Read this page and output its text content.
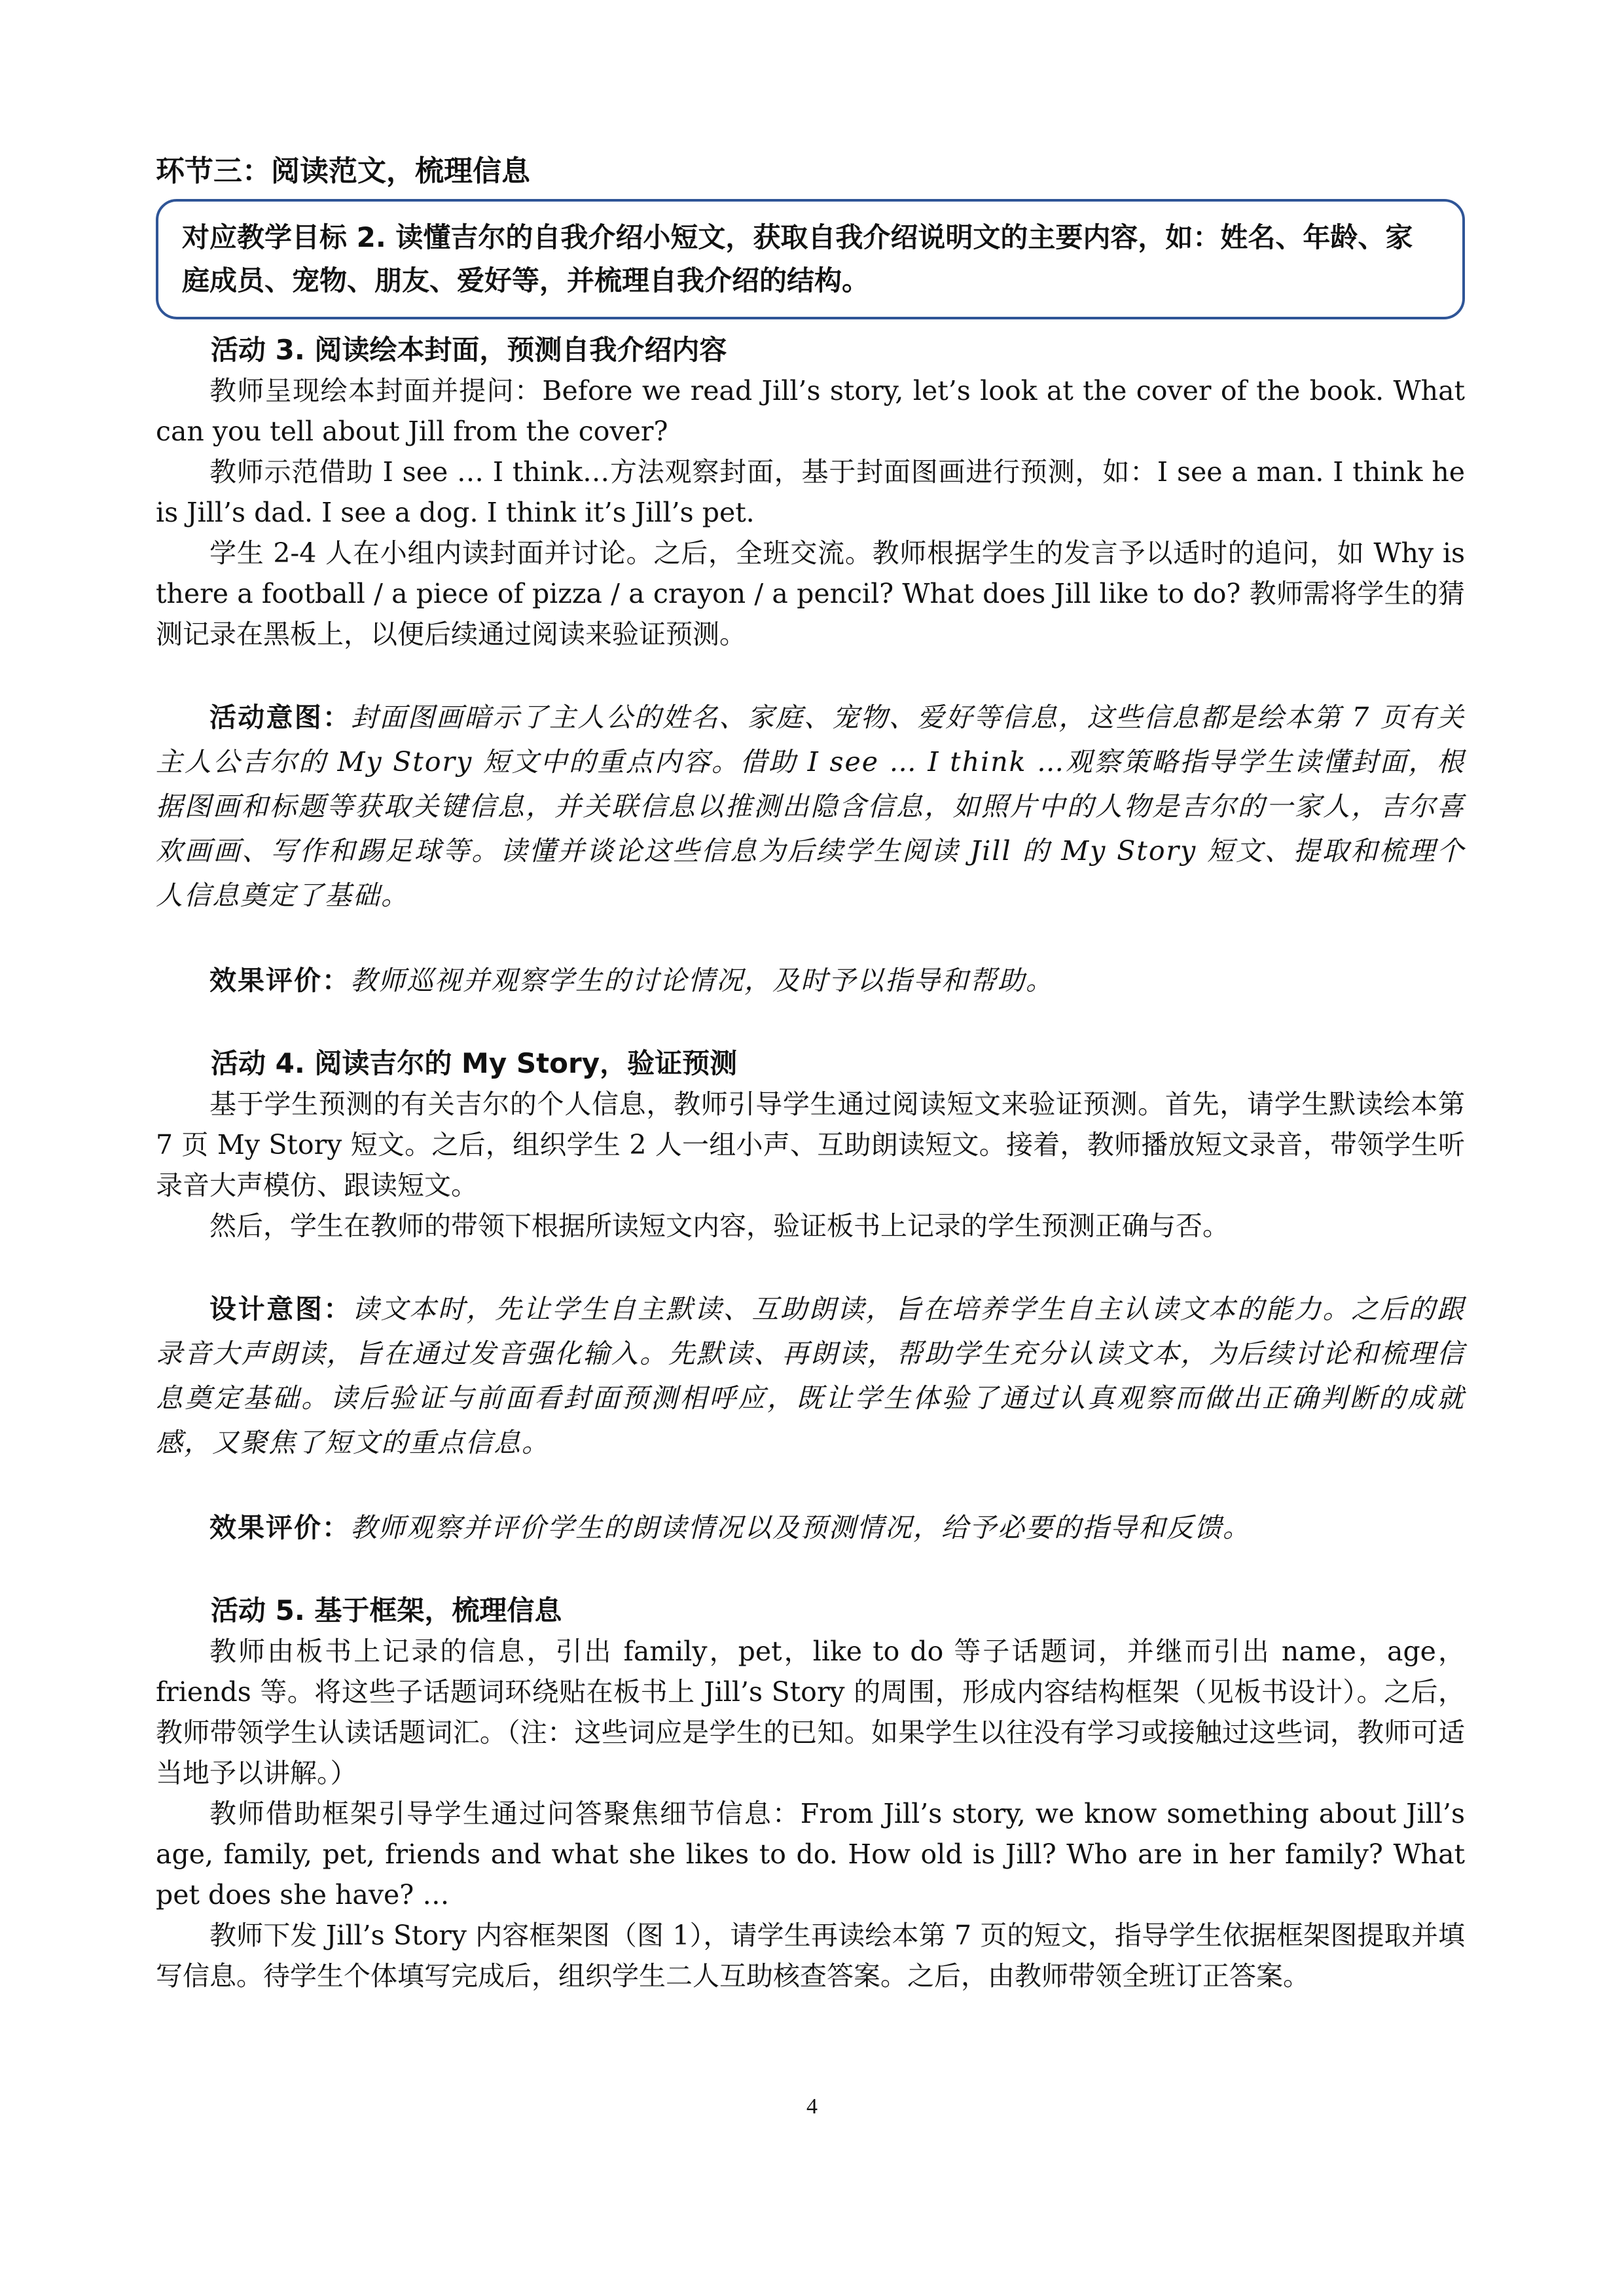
环节三：阅读范文，梳理信息
对应教学目标 2. 读懂吉尔的自我介绍小短文，获取自我介绍说明文的主要内容，如：姓名、年龄、家庭成员、宠物、朋友、爱好等，并梳理自我介绍的结构。
活动 3. 阅读绘本封面，预测自我介绍内容

教师呈现绘本封面并提问：Before we read Jill’s story, let’s look at the cover of the book. What can you tell about Jill from the cover?

教师示范借助 I see … I think…方法观察封面，基于封面图画进行预测，如：I see a man. I think he is Jill’s dad. I see a dog. I think it’s Jill’s pet.

学生 2-4 人在小组内读封面并讨论。之后，全班交流。教师根据学生的发言予以适时的追问，如 Why is there a football / a piece of pizza / a crayon / a pencil? What does Jill like to do? 教师需将学生的猜测记录在黑板上，以便后续通过阅读来验证预测。

活动意图：封面图画暗示了主人公的姓名、家庭、宠物、爱好等信息，这些信息都是绘本第 7 页有关主人公吉尔的 My Story 短文中的重点内容。借助 I see … I think …观察策略指导学生读懂封面，根据图画和标题等获取关键信息，并关联信息以推测出隐含信息，如照片中的人物是吉尔的一家人，吉尔喜欢画画、写作和踢足球等。读懂并谈论这些信息为后续学生阅读 Jill 的 My Story 短文、提取和梳理个人信息奠定了基础。

效果评价：教师巡视并观察学生的讨论情况，及时予以指导和帮助。

活动 4. 阅读吉尔的 My Story，验证预测

基于学生预测的有关吉尔的个人信息，教师引导学生通过阅读短文来验证预测。首先，请学生默读绘本第 7 页 My Story 短文。之后，组织学生 2 人一组小声、互助朗读短文。接着，教师播放短文录音，带领学生听录音大声模仿、跟读短文。

然后，学生在教师的带领下根据所读短文内容，验证板书上记录的学生预测正确与否。

设计意图：读文本时，先让学生自主默读、互助朗读，旨在培养学生自主认读文本的能力。之后的跟录音大声朗读，旨在通过发音强化输入。先默读、再朗读，帮助学生充分认读文本，为后续讨论和梳理信息奠定基础。读后验证与前面看封面预测相呼应，既让学生体验了通过认真观察而做出正确判断的成就感，又聚焦了短文的重点信息。

效果评价：教师观察并评价学生的朗读情况以及预测情况，给予必要的指导和反馈。

活动 5. 基于框架，梳理信息

教师由板书上记录的信息，引出 family，pet，like to do 等子话题词，并继而引出 name，age，friends 等。将这些子话题词环绕贴在板书上 Jill’s Story 的周围，形成内容结构框架（见板书设计）。之后，教师带领学生认读话题词汇。（注：这些词应是学生的已知。如果学生以往没有学习或接触过这些词，教师可适当地予以讲解。）

教师借助框架引导学生通过问答聚焦细节信息：From Jill’s story, we know something about Jill’s age, family, pet, friends and what she likes to do. How old is Jill? Who are in her family? What pet does she have? …

教师下发 Jill’s Story 内容框架图（图 1），请学生再读绘本第 7 页的短文，指导学生依据框架图提取并填写信息。待学生个体填写完成后，组织学生二人互助核查答案。之后，由教师带领全班订正答案。

4
